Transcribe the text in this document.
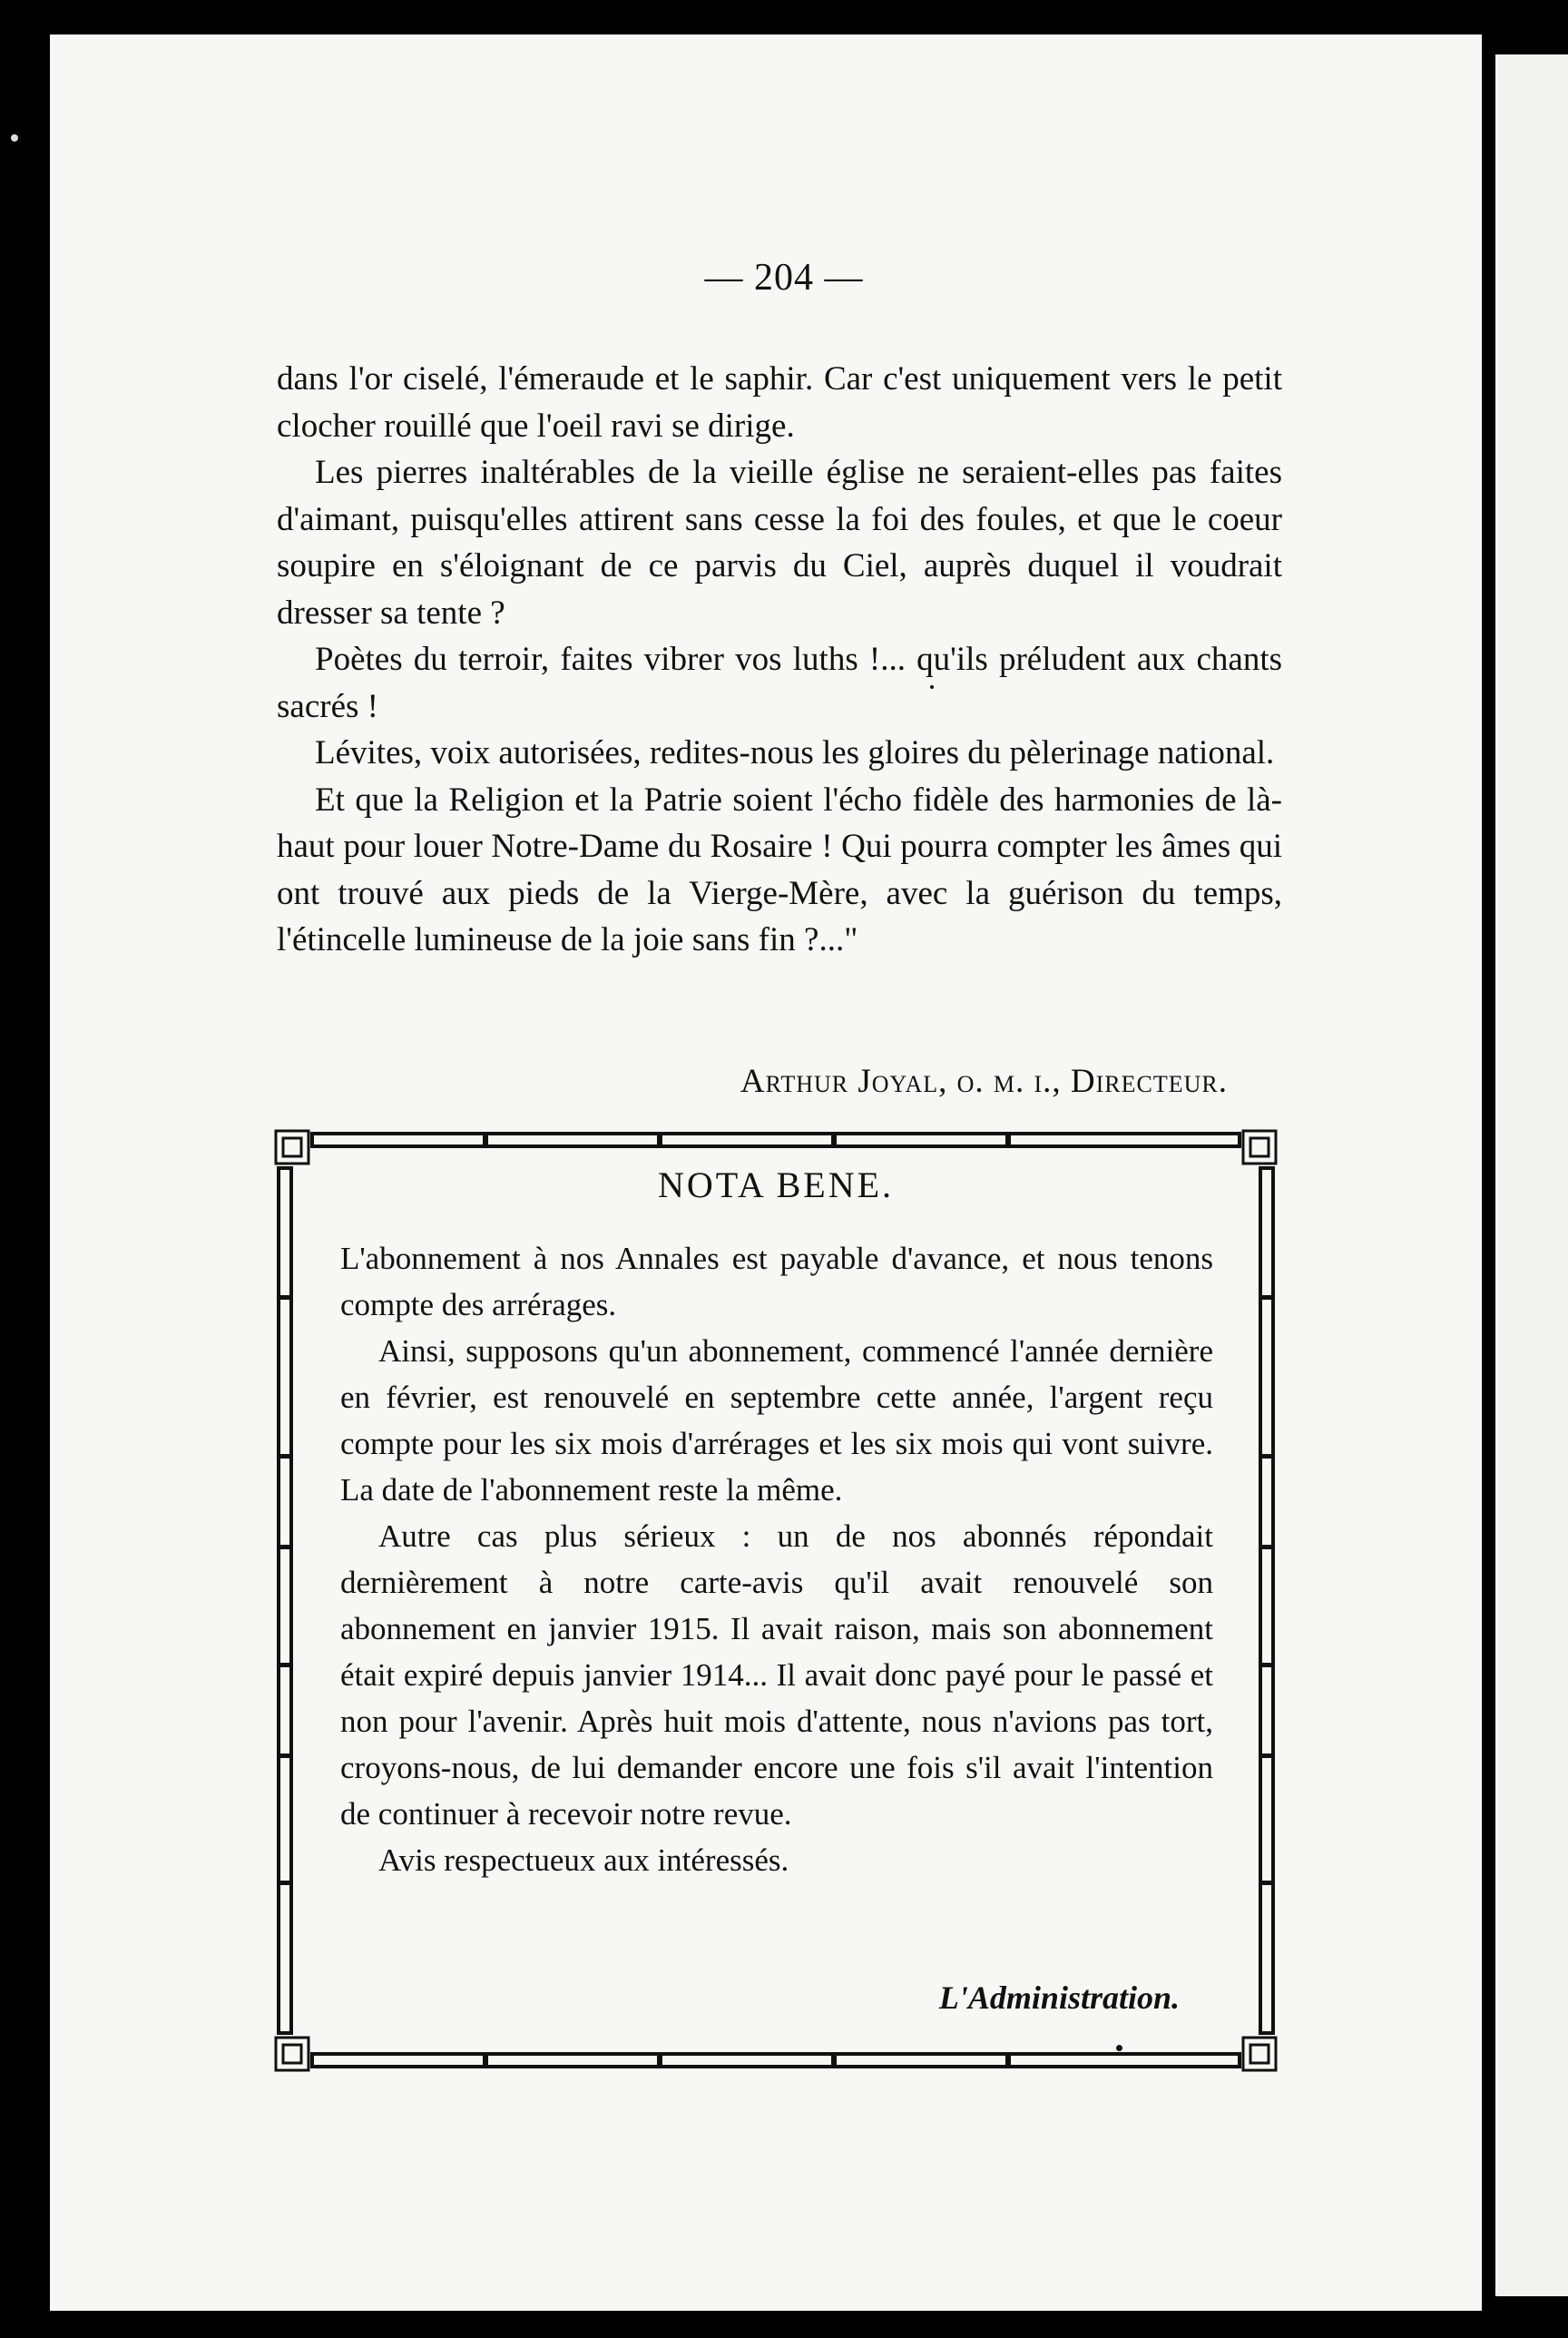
— 204 —

dans l'or ciselé, l'émeraude et le saphir. Car c'est uniquement vers le petit clocher rouillé que l'oeil ravi se dirige.

Les pierres inaltérables de la vieille église ne seraient-elles pas faites d'aimant, puisqu'elles attirent sans cesse la foi des foules, et que le coeur soupire en s'éloignant de ce parvis du Ciel, auprès duquel il voudrait dresser sa tente ?

Poètes du terroir, faites vibrer vos luths !... qu'ils préludent aux chants sacrés !

Lévites, voix autorisées, redites-nous les gloires du pèlerinage national.

Et que la Religion et la Patrie soient l'écho fidèle des harmonies de là-haut pour louer Notre-Dame du Rosaire ! Qui pourra compter les âmes qui ont trouvé aux pieds de la Vierge-Mère, avec la guérison du temps, l'étincelle lumineuse de la joie sans fin ?..."

Arthur Joyal, o. m. i., Directeur.
NOTA BENE.

L'abonnement à nos Annales est payable d'avance, et nous tenons compte des arrérages.

Ainsi, supposons qu'un abonnement, commencé l'année dernière en février, est renouvelé en septembre cette année, l'argent reçu compte pour les six mois d'arrérages et les six mois qui vont suivre. La date de l'abonnement reste la même.

Autre cas plus sérieux : un de nos abonnés répondait dernièrement à notre carte-avis qu'il avait renouvelé son abonnement en janvier 1915. Il avait raison, mais son abonnement était expiré depuis janvier 1914... Il avait donc payé pour le passé et non pour l'avenir. Après huit mois d'attente, nous n'avions pas tort, croyons-nous, de lui demander encore une fois s'il avait l'intention de continuer à recevoir notre revue.

Avis respectueux aux intéressés.

L'Administration.
